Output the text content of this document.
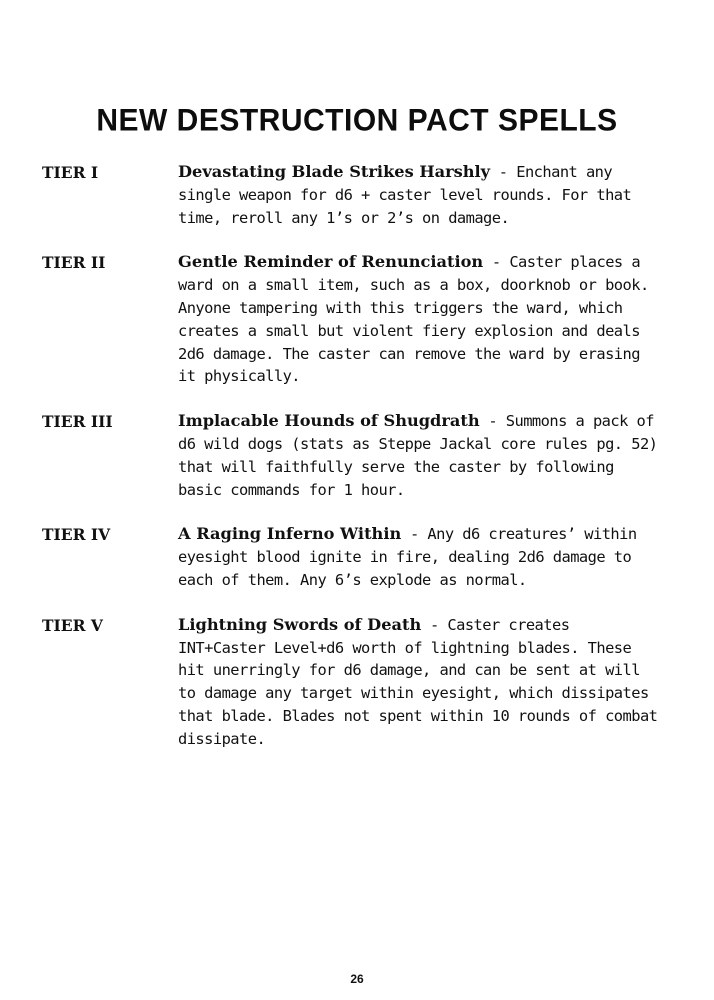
NEW DESTRUCTION PACT SPELLS
TIER I	Devastating Blade Strikes Harshly - Enchant any single weapon for d6 + caster level rounds. For that time, reroll any 1’s or 2’s on damage.
TIER II	Gentle Reminder of Renunciation - Caster places a ward on a small item, such as a box, doorknob or book. Anyone tampering with this triggers the ward, which creates a small but violent fiery explosion and deals 2d6 damage. The caster can remove the ward by erasing it physically.
TIER III	Implacable Hounds of Shugdrath - Summons a pack of d6 wild dogs (stats as Steppe Jackal core rules pg. 52) that will faithfully serve the caster by following basic commands for 1 hour.
TIER IV	A Raging Inferno Within - Any d6 creatures’ within eyesight blood ignite in fire, dealing 2d6 damage to each of them. Any 6’s explode as normal.
TIER V	Lightning Swords of Death - Caster creates INT+Caster Level+d6 worth of lightning blades. These hit unerringly for d6 damage, and can be sent at will to damage any target within eyesight, which dissipates that blade. Blades not spent within 10 rounds of combat dissipate.
26
